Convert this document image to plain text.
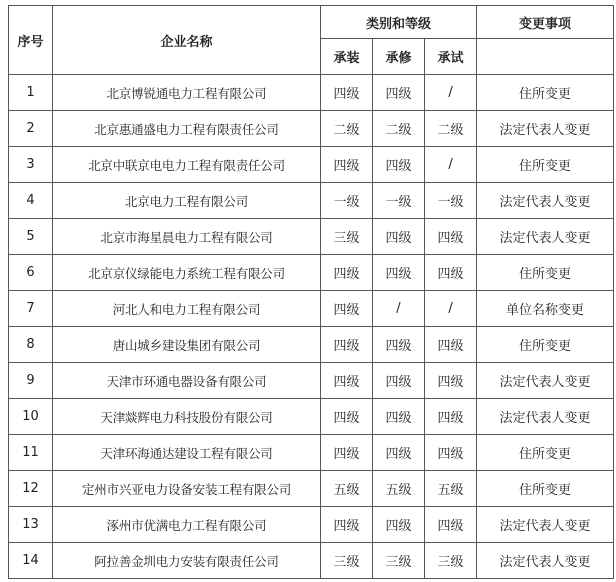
序号	企业名称	类别和等级			变更事项
		承装	承修	承试	
1	北京博锐通电力工程有限公司	四级	四级	/	住所变更
2	北京惠通盛电力工程有限责任公司	二级	二级	二级	法定代表人变更
3	北京中联京电电力工程有限责任公司	四级	四级	/	住所变更
4	北京电力工程有限公司	一级	一级	一级	法定代表人变更
5	北京市海星晨电力工程有限公司	三级	四级	四级	法定代表人变更
6	北京京仪绿能电力系统工程有限公司	四级	四级	四级	住所变更
7	河北人和电力工程有限公司	四级	/	/	单位名称变更
8	唐山城乡建设集团有限公司	四级	四级	四级	住所变更
9	天津市环通电器设备有限公司	四级	四级	四级	法定代表人变更
10	天津燚辉电力科技股份有限公司	四级	四级	四级	法定代表人变更
11	天津环海通达建设工程有限公司	四级	四级	四级	住所变更
12	定州市兴亚电力设备安装工程有限公司	五级	五级	五级	住所变更
13	涿州市优满电力工程有限公司	四级	四级	四级	法定代表人变更
14	阿拉善金圳电力安装有限责任公司	三级	三级	三级	法定代表人变更
